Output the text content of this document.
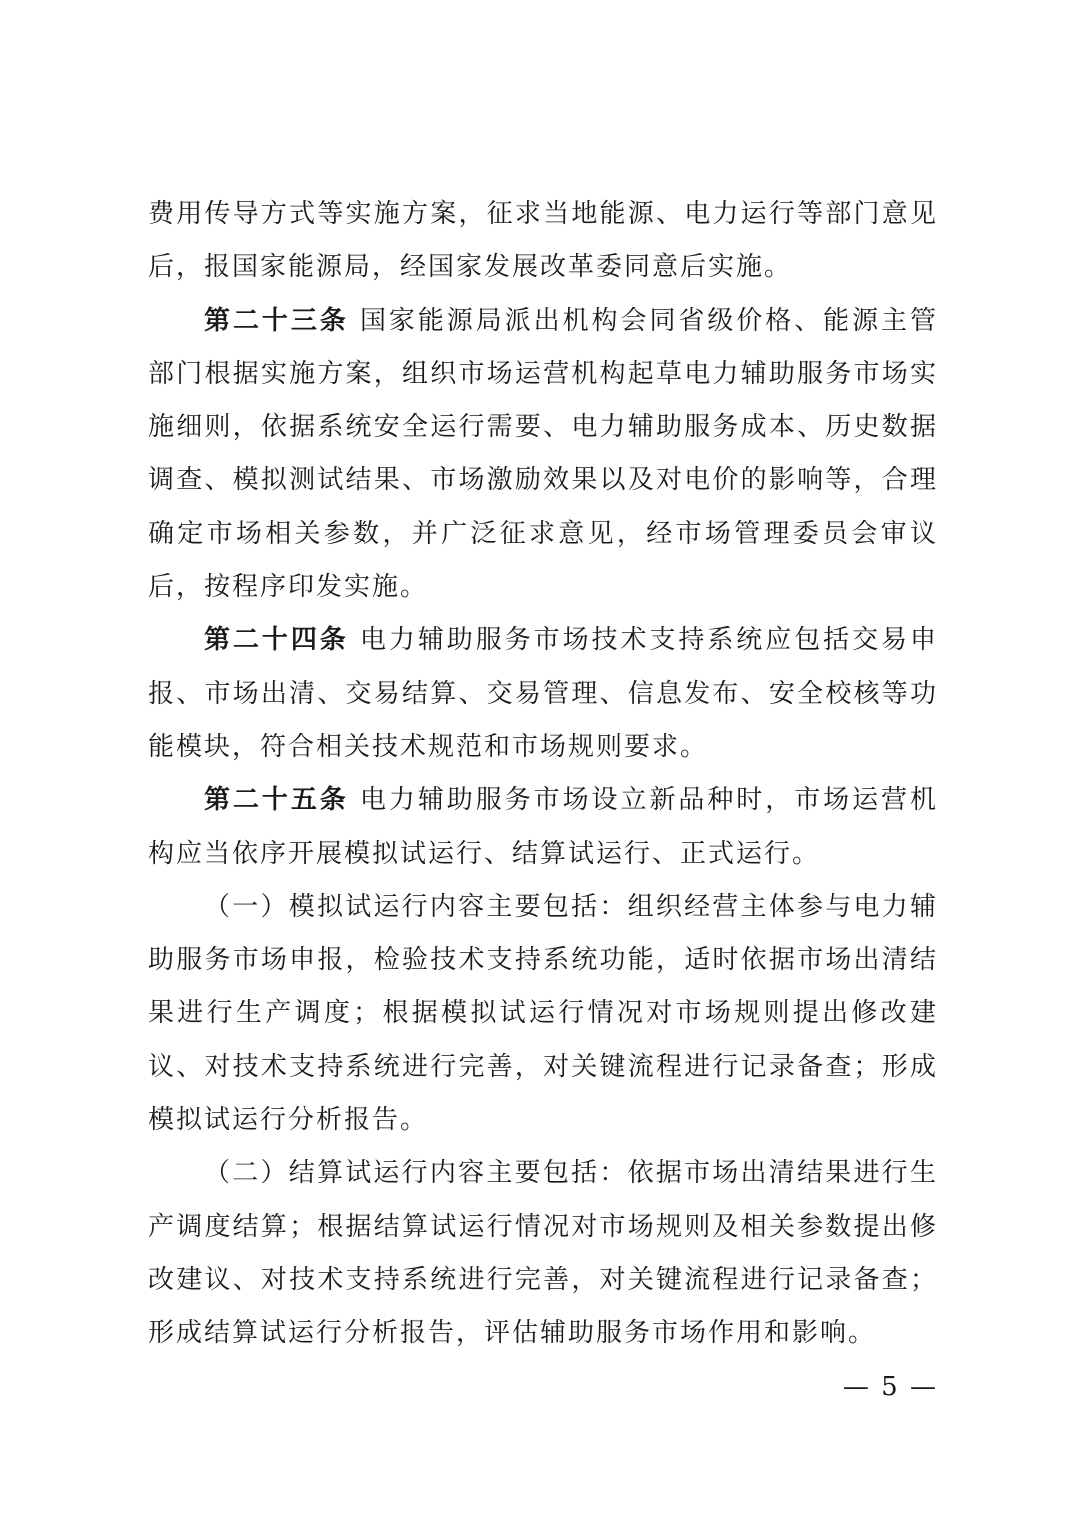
费用传导方式等实施方案，征求当地能源、电力运行等部门意见后，报国家能源局，经国家发展改革委同意后实施。

第二十三条 国家能源局派出机构会同省级价格、能源主管部门根据实施方案，组织市场运营机构起草电力辅助服务市场实施细则，依据系统安全运行需要、电力辅助服务成本、历史数据调查、模拟测试结果、市场激励效果以及对电价的影响等，合理确定市场相关参数，并广泛征求意见，经市场管理委员会审议后，按程序印发实施。

第二十四条 电力辅助服务市场技术支持系统应包括交易申报、市场出清、交易结算、交易管理、信息发布、安全校核等功能模块，符合相关技术规范和市场规则要求。

第二十五条 电力辅助服务市场设立新品种时，市场运营机构应当依序开展模拟试运行、结算试运行、正式运行。

（一）模拟试运行内容主要包括：组织经营主体参与电力辅助服务市场申报，检验技术支持系统功能，适时依据市场出清结果进行生产调度；根据模拟试运行情况对市场规则提出修改建议、对技术支持系统进行完善，对关键流程进行记录备查；形成模拟试运行分析报告。

（二）结算试运行内容主要包括：依据市场出清结果进行生产调度结算；根据结算试运行情况对市场规则及相关参数提出修改建议、对技术支持系统进行完善，对关键流程进行记录备查；形成结算试运行分析报告，评估辅助服务市场作用和影响。

— 5 —
